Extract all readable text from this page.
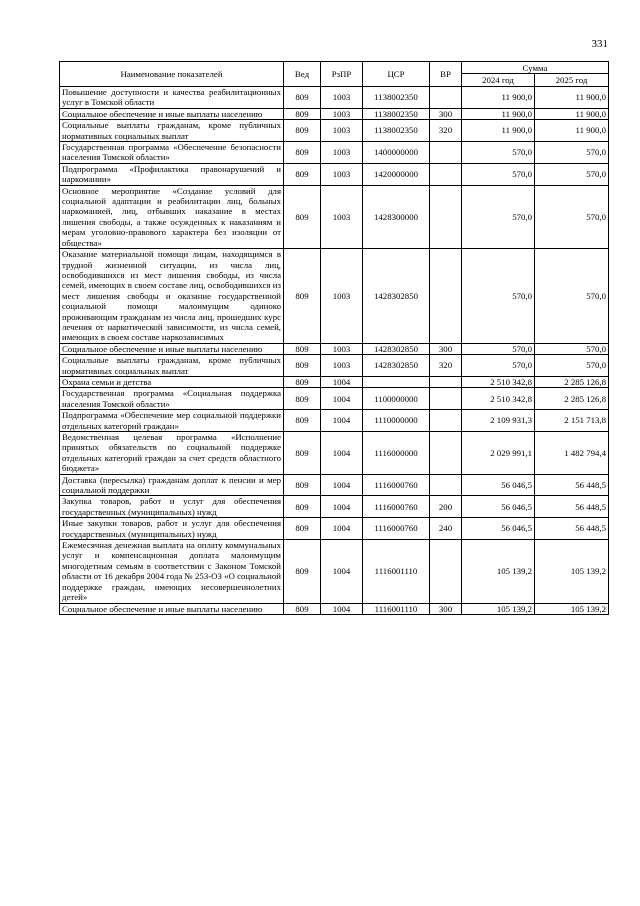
331
Наименование показателей	Вед	РзПР	ЦСР	ВР	Сумма	
					2024 год	2025 год
Повышение доступности и качества реабилитационных услуг в Томской области	809	1003	1138002350		11 900,0	11 900,0
Социальное обеспечение и иные выплаты населению	809	1003	1138002350	300	11 900,0	11 900,0
Социальные выплаты гражданам, кроме публичных нормативных социальных выплат	809	1003	1138002350	320	11 900,0	11 900,0
Государственная программа «Обеспечение безопасности населения Томской области»	809	1003	1400000000		570,0	570,0
Подпрограмма «Профилактика правонарушений и наркомании»	809	1003	1420000000		570,0	570,0
Основное мероприятие «Создание условий для социальной адаптации и реабилитации лиц, больных наркоманией, лиц, отбывших наказание в местах лишения свободы, а также осужденных к наказаниям и мерам уголовно-правового характера без изоляции от общества»	809	1003	1428300000		570,0	570,0
Оказание материальной помощи лицам, находящимся в трудной жизненной ситуации, из числа лиц, освободившихся из мест лишения свободы, из числа семей, имеющих в своем составе лиц, освободившихся из мест лишения свободы и оказание государственной социальной помощи малоимущим одиноко проживающим гражданам из числа лиц, прошедших курс лечения от наркотической зависимости, из числа семей, имеющих в своем составе наркозависимых	809	1003	1428302850		570,0	570,0
Социальное обеспечение и иные выплаты населению	809	1003	1428302850	300	570,0	570,0
Социальные выплаты гражданам, кроме публичных нормативных социальных выплат	809	1003	1428302850	320	570,0	570,0
Охрана семьи и детства	809	1004			2 510 342,8	2 285 126,8
Государственная программа «Социальная поддержка населения Томской области»	809	1004	1100000000		2 510 342,8	2 285 126,8
Подпрограмма «Обеспечение мер социальной поддержки отдельных категорий граждан»	809	1004	1110000000		2 109 931,3	2 151 713,8
Ведомственная целевая программа «Исполнение принятых обязательств по социальной поддержке отдельных категорий граждан за счет средств областного бюджета»	809	1004	1116000000		2 029 991,1	1 482 794,4
Доставка (пересылка) гражданам доплат к пенсии и мер социальной поддержки	809	1004	1116000760		56 046,5	56 448,5
Закупка товаров, работ и услуг для обеспечения государственных (муниципальных) нужд	809	1004	1116000760	200	56 046,5	56 448,5
Иные закупки товаров, работ и услуг для обеспечения государственных (муниципальных) нужд	809	1004	1116000760	240	56 046,5	56 448,5
Ежемесячная денежная выплата на оплату коммунальных услуг и компенсационная доплата малоимущим многодетным семьям в соответствии с Законом Томской области от 16 декабря 2004 года № 253-ОЗ «О социальной поддержке граждан, имеющих несовершеннолетних детей»	809	1004	1116001110		105 139,2	105 139,2
Социальное обеспечение и иные выплаты населению	809	1004	1116001110	300	105 139,2	105 139,2
